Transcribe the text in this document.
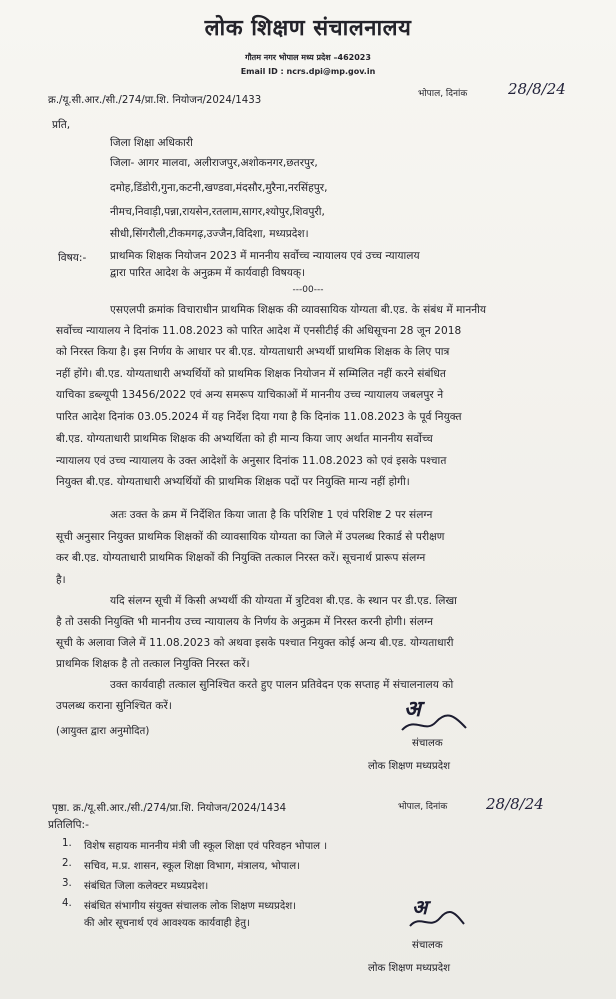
लोक शिक्षण संचालनालय
गौतम नगर भोपाल मध्य प्रदेश –462023
Email ID : ncrs.dpi@mp.gov.in
क्र./यू.सी.आर./सी./274/प्रा.शि. नियोजन/2024/1433
भोपाल, दिनांक	28/8/24
प्रति,
जिला शिक्षा अधिकारी
जिला- आगर मालवा, अलीराजपुर,अशोकनगर,छतरपुर,
दमोह,डिंडोरी,गुना,कटनी,खण्डवा,मंदसौर,मुरैना,नरसिंहपुर,
नीमच,निवाड़ी,पन्ना,रायसेन,रतलाम,सागर,श्योपुर,शिवपुरी,
सीधी,सिंगरौली,टीकमगढ़,उज्जैन,विदिशा, मध्यप्रदेश।
विषय:- प्राथमिक शिक्षक नियोजन 2023 में माननीय सर्वोच्च न्यायालय एवं उच्च न्यायालय
द्वारा पारित आदेश के अनुक्रम में कार्यवाही विषयक्।
---00---
एसएलपी क्रमांक विचाराधीन प्राथमिक शिक्षक की व्यावसायिक योग्यता बी.एड. के संबंध में माननीय
सर्वोच्च न्यायालय ने दिनांक 11.08.2023 को पारित आदेश में एनसीटीई की अधिसूचना 28 जून 2018
को निरस्त किया है। इस निर्णय के आधार पर बी.एड. योग्यताधारी अभ्यर्थी प्राथमिक शिक्षक के लिए पात्र
नहीं होंगे। बी.एड. योग्यताधारी अभ्यर्थियों को प्राथमिक शिक्षक नियोजन में सम्मिलित नहीं करने संबंधित
याचिका डब्ल्यूपी 13456/2022 एवं अन्य समरूप याचिकाओं में माननीय उच्च न्यायालय जबलपुर ने
पारित आदेश दिनांक 03.05.2024 में यह निर्देश दिया गया है कि दिनांक 11.08.2023 के पूर्व नियुक्त
बी.एड. योग्यताधारी प्राथमिक शिक्षक की अभ्यर्थिता को ही मान्य किया जाए अर्थात माननीय सर्वोच्च
न्यायालय एवं उच्च न्यायालय के उक्त आदेशों के अनुसार दिनांक 11.08.2023 को एवं इसके पश्चात
नियुक्त बी.एड. योग्यताधारी अभ्यर्थियों की प्राथमिक शिक्षक पदों पर नियुक्ति मान्य नहीं होगी।
अतः उक्त के क्रम में निर्देशित किया जाता है कि परिशिष्ट 1 एवं परिशिष्ट 2 पर संलग्न
सूची अनुसार नियुक्त प्राथमिक शिक्षकों की व्यावसायिक योग्यता का जिले में उपलब्ध रिकार्ड से परीक्षण
कर बी.एड. योग्यताधारी प्राथमिक शिक्षकों की नियुक्ति तत्काल निरस्त करें। सूचनार्थ प्रारूप संलग्न
है।
यदि संलग्न सूची में किसी अभ्यर्थी की योग्यता में त्रुटिवश बी.एड. के स्थान पर डी.एड. लिखा
है तो उसकी नियुक्ति भी माननीय उच्च न्यायालय के निर्णय के अनुक्रम में निरस्त करनी होगी। संलग्न
सूची के अलावा जिले में 11.08.2023 को अथवा इसके पश्चात नियुक्त कोई अन्य बी.एड. योग्यताधारी
प्राथमिक शिक्षक है तो तत्काल नियुक्ति निरस्त करें।
उक्त कार्यवाही तत्काल सुनिश्चित करते हुए पालन प्रतिवेदन एक सप्ताह में संचालनालय को
उपलब्ध कराना सुनिश्चित करें।
(आयुक्त द्वारा अनुमोदित)
अ
संचालक
लोक शिक्षण मध्यप्रदेश
पृष्ठा. क्र./यू.सी.आर./सी./274/प्रा.शि. नियोजन/2024/1434	भोपाल, दिनांक	28/8/24
प्रतिलिपि:-
1. विशेष सहायक माननीय मंत्री जी स्कूल शिक्षा एवं परिवहन भोपाल ।
2. सचिव, म.प्र. शासन, स्कूल शिक्षा विभाग, मंत्रालय, भोपाल।
3. संबंधित जिला कलेक्टर मध्यप्रदेश।
4. संबंधित संभागीय संयुक्त संचालक लोक शिक्षण मध्यप्रदेश।
की ओर सूचनार्थ एवं आवश्यक कार्यवाही हेतु।
अ
संचालक
लोक शिक्षण मध्यप्रदेश
